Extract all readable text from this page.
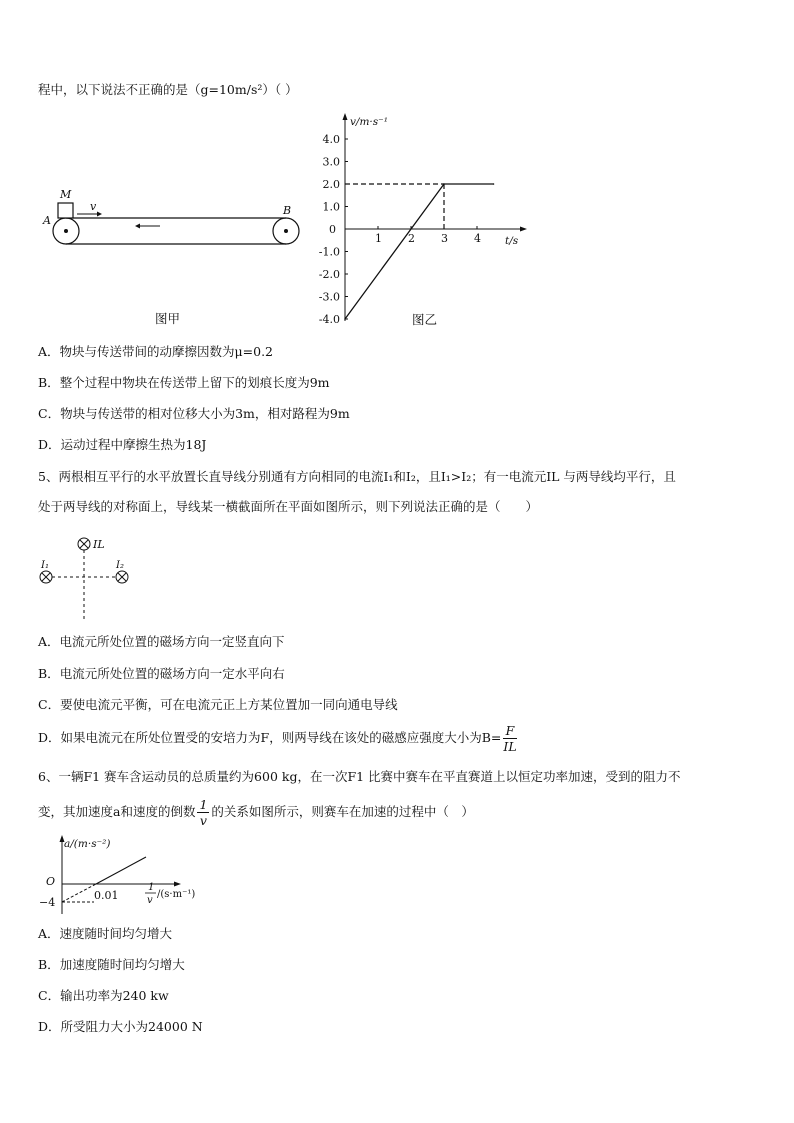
程中，以下说法不正确的是（g=10m/s²）（ ）
M
v
A
B
图甲
0
4.0
3.0
2.0
1.0
-1.0
-2.0
-3.0
-4.0
1 2 3 4
v/m·s⁻¹
t/s
图乙
A．物块与传送带间的动摩擦因数为μ=0.2
B．整个过程中物块在传送带上留下的划痕长度为9m
C．物块与传送带的相对位移大小为3m，相对路程为9m
D．运动过程中摩擦生热为18J
5、两根相互平行的水平放置长直导线分别通有方向相同的电流I₁和I₂，且I₁>I₂；有一电流元IL 与两导线均平行，且
处于两导线的对称面上，导线某一横截面所在平面如图所示，则下列说法正确的是（　　）
IL
I₁	I₂
A．电流元所处位置的磁场方向一定竖直向下
B．电流元所处位置的磁场方向一定水平向右
C．要使电流元平衡，可在电流元正上方某位置加一同向通电导线
D．如果电流元在所处位置受的安培力为F，则两导线在该处的磁感应强度大小为$B= \frac{F}{IL}$
6、一辆F1 赛车含运动员的总质量约为600 kg，在一次F1 比赛中赛车在平直赛道上以恒定功率加速，受到的阻力不
变，其加速度a和速度的倒数 $\frac{1}{v}$ 的关系如图所示，则赛车在加速的过程中（　）
a/(m·s⁻²)
O
−4
0.01
1
v
/(s·m⁻¹)
A．速度随时间均匀增大
B．加速度随时间均匀增大
C．输出功率为240 kw
D．所受阻力大小为24000 N
